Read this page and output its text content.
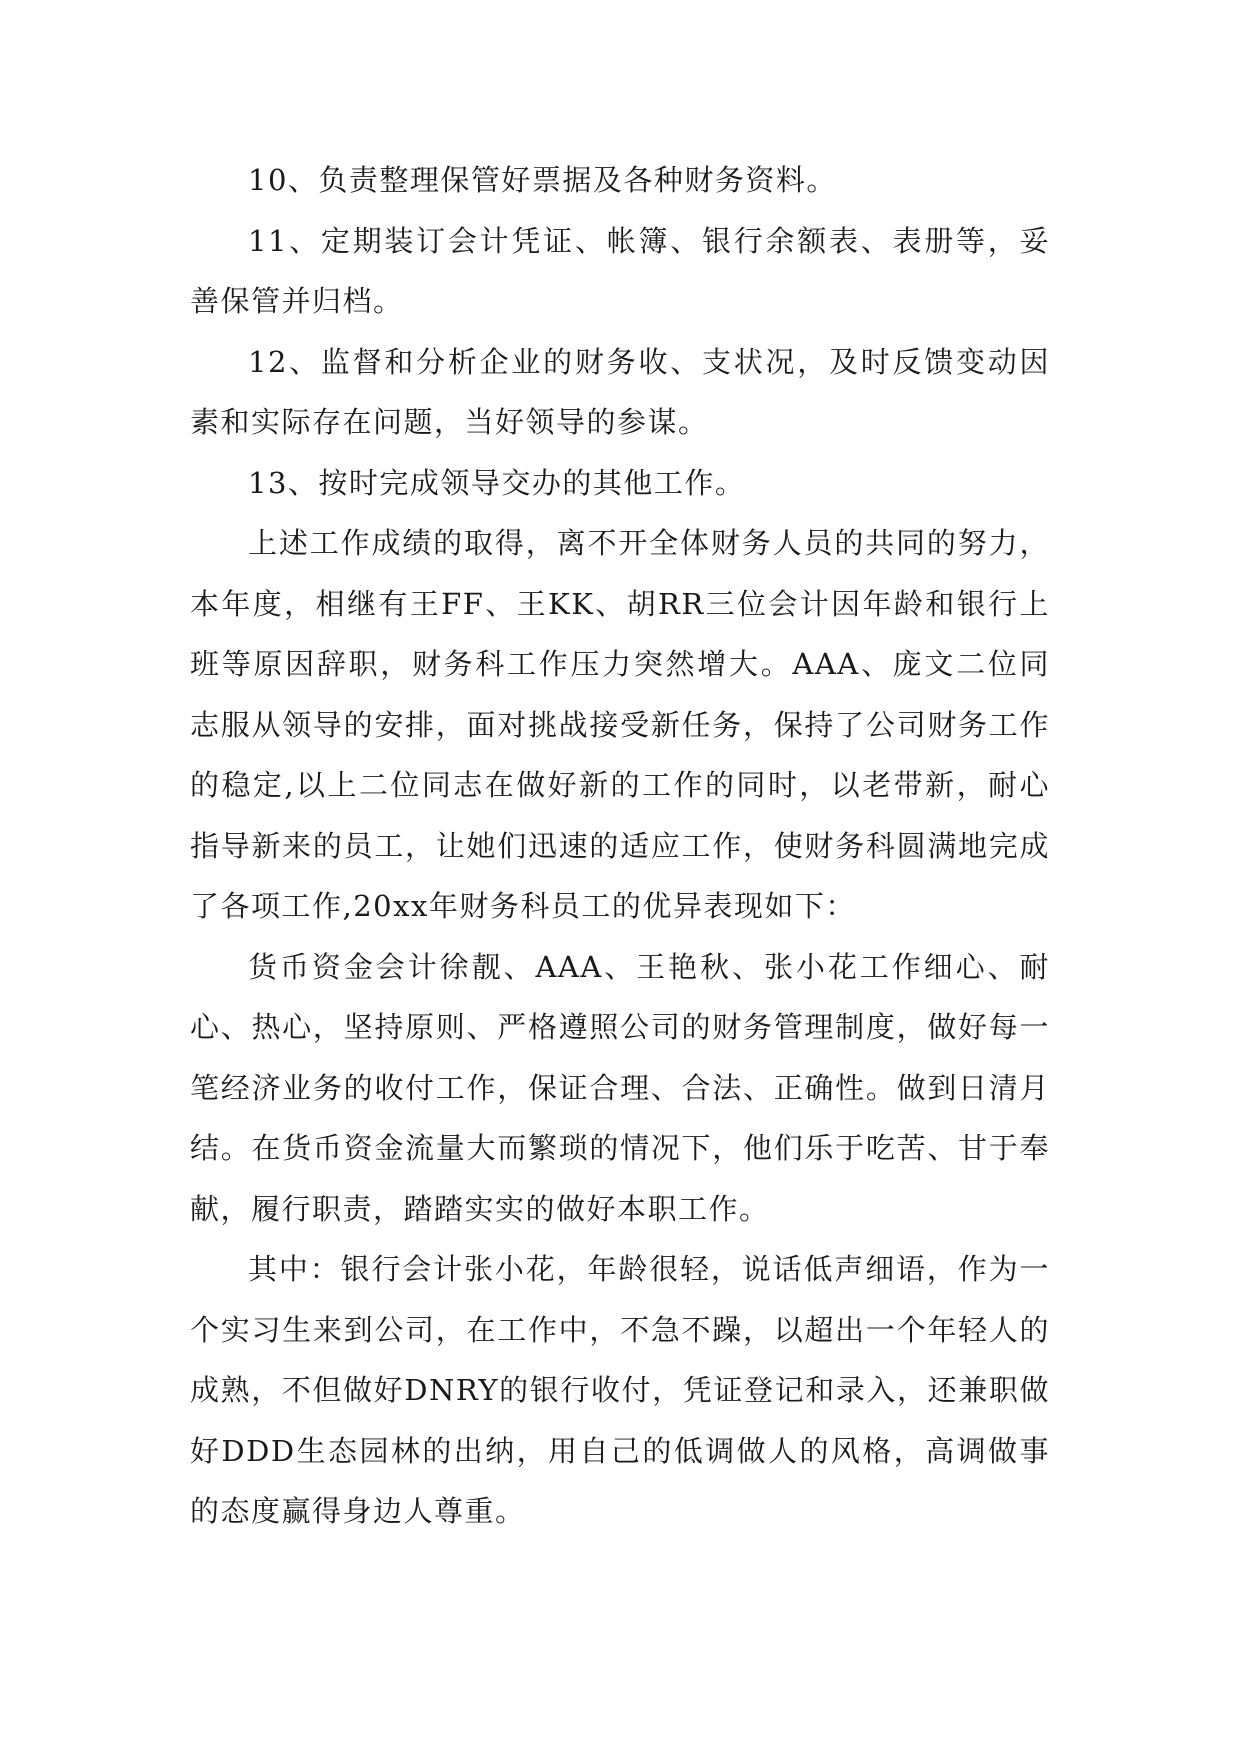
10、负责整理保管好票据及各种财务资料。

11、定期装订会计凭证、帐簿、银行余额表、表册等，妥善保管并归档。

12、监督和分析企业的财务收、支状况，及时反馈变动因素和实际存在问题，当好领导的参谋。

13、按时完成领导交办的其他工作。

上述工作成绩的取得，离不开全体财务人员的共同的努力，本年度，相继有王FF、王KK、胡RR三位会计因年龄和银行上班等原因辞职，财务科工作压力突然增大。AAA、庞文二位同志服从领导的安排，面对挑战接受新任务，保持了公司财务工作的稳定,以上二位同志在做好新的工作的同时，以老带新，耐心指导新来的员工，让她们迅速的适应工作，使财务科圆满地完成了各项工作,20xx年财务科员工的优异表现如下：

货币资金会计徐靓、AAA、王艳秋、张小花工作细心、耐心、热心，坚持原则、严格遵照公司的财务管理制度，做好每一笔经济业务的收付工作，保证合理、合法、正确性。做到日清月结。在货币资金流量大而繁琐的情况下，他们乐于吃苦、甘于奉献，履行职责，踏踏实实的做好本职工作。

其中：银行会计张小花，年龄很轻，说话低声细语，作为一个实习生来到公司，在工作中，不急不躁，以超出一个年轻人的成熟，不但做好DNRY的银行收付，凭证登记和录入，还兼职做好DDD生态园林的出纳，用自己的低调做人的风格，高调做事的态度赢得身边人尊重。
